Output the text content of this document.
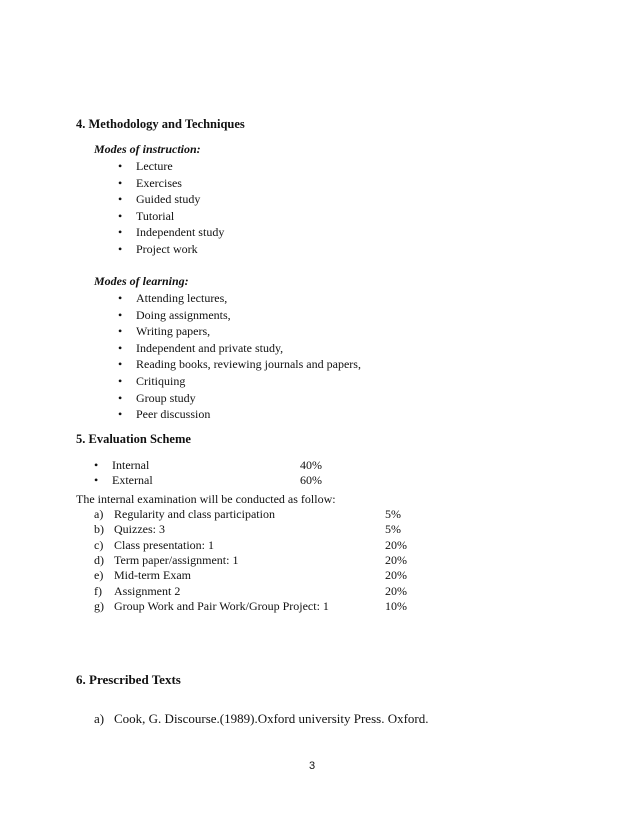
4. Methodology and Techniques
Modes of instruction:
• Lecture
• Exercises
• Guided study
• Tutorial
• Independent study
• Project work
Modes of learning:
• Attending lectures,
• Doing assignments,
• Writing papers,
• Independent and private study,
• Reading books, reviewing journals and papers,
• Critiquing
• Group study
• Peer discussion
5. Evaluation Scheme
• Internal	40%
• External	60%
The internal examination will be conducted as follow:
a) Regularity and class participation	5%
b) Quizzes: 3	5%
c) Class presentation: 1	20%
d) Term paper/assignment: 1	20%
e) Mid-term Exam	20%
f) Assignment 2	20%
g) Group Work and Pair Work/Group Project: 1	10%
6. Prescribed Texts
a) Cook, G. Discourse.(1989).Oxford university Press. Oxford.
3
